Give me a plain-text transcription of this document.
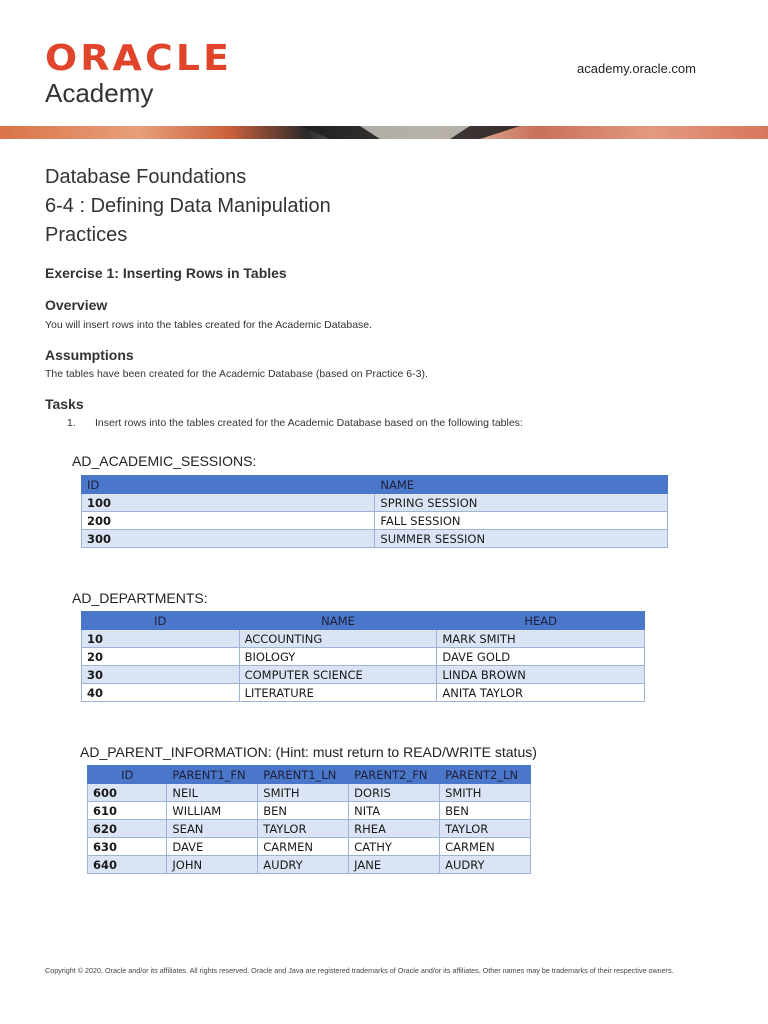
ORACLE
Academy
academy.oracle.com
Database Foundations
6-4 : Defining Data Manipulation
Practices
Exercise 1: Inserting Rows in Tables
Overview
You will insert rows into the tables created for the Academic Database.
Assumptions
The tables have been created for the Academic Database (based on Practice 6-3).
Tasks
1. Insert rows into the tables created for the Academic Database based on the following tables:
AD_ACADEMIC_SESSIONS:
ID	NAME
100	SPRING SESSION
200	FALL SESSION
300	SUMMER SESSION
AD_DEPARTMENTS:
ID	NAME	HEAD
10	ACCOUNTING	MARK SMITH
20	BIOLOGY	DAVE GOLD
30	COMPUTER SCIENCE	LINDA BROWN
40	LITERATURE	ANITA TAYLOR
AD_PARENT_INFORMATION: (Hint: must return to READ/WRITE status)
ID	PARENT1_FN	PARENT1_LN	PARENT2_FN	PARENT2_LN
600	NEIL	SMITH	DORIS	SMITH
610	WILLIAM	BEN	NITA	BEN
620	SEAN	TAYLOR	RHEA	TAYLOR
630	DAVE	CARMEN	CATHY	CARMEN
640	JOHN	AUDRY	JANE	AUDRY
Copyright © 2020, Oracle and/or its affiliates. All rights reserved. Oracle and Java are registered trademarks of Oracle and/or its affiliates. Other names may be trademarks of their respective owners.
